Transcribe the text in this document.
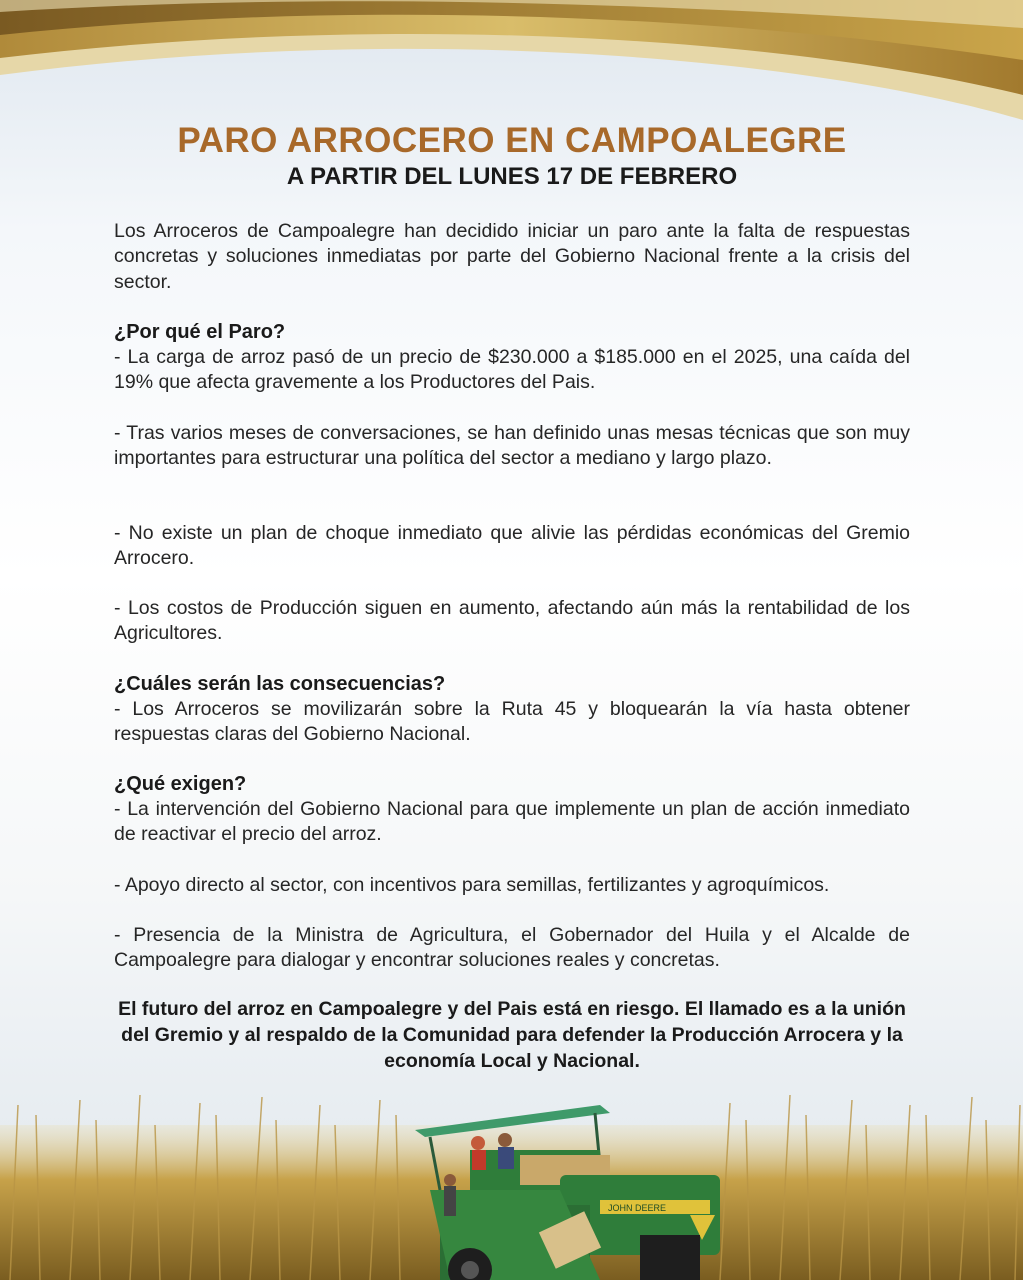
PARO ARROCERO EN CAMPOALEGRE
A PARTIR DEL LUNES 17 DE FEBRERO
Los Arroceros de Campoalegre han decidido iniciar un paro ante la falta de respuestas concretas y soluciones inmediatas por parte del Gobierno Nacional frente a la crisis del sector.
¿Por qué el Paro?
- La carga de arroz pasó de un precio de $230.000 a $185.000 en el 2025, una caída del 19% que afecta gravemente a los Productores del Pais.
- Tras varios meses de conversaciones, se han definido unas mesas técnicas que son muy importantes para estructurar una política del sector a mediano y largo plazo.
- No existe un plan de choque inmediato que alivie las pérdidas económicas del Gremio Arrocero.
- Los costos de Producción siguen en aumento, afectando aún más la rentabilidad de los Agricultores.
¿Cuáles serán las consecuencias?
- Los Arroceros se movilizarán sobre la Ruta 45 y bloquearán la vía hasta obtener respuestas claras del Gobierno Nacional.
¿Qué exigen?
- La intervención del Gobierno Nacional para que implemente un plan de acción inmediato de reactivar el precio del arroz.
- Apoyo directo al sector, con incentivos para semillas, fertilizantes y agroquímicos.
- Presencia de la Ministra de Agricultura, el Gobernador del Huila y el Alcalde de Campoalegre para dialogar y encontrar soluciones reales y concretas.
El futuro del arroz en Campoalegre y del Pais está en riesgo. El llamado es a la unión del Gremio y al respaldo de la Comunidad para defender la Producción Arrocera y la economía Local y Nacional.
JOHN DEERE
